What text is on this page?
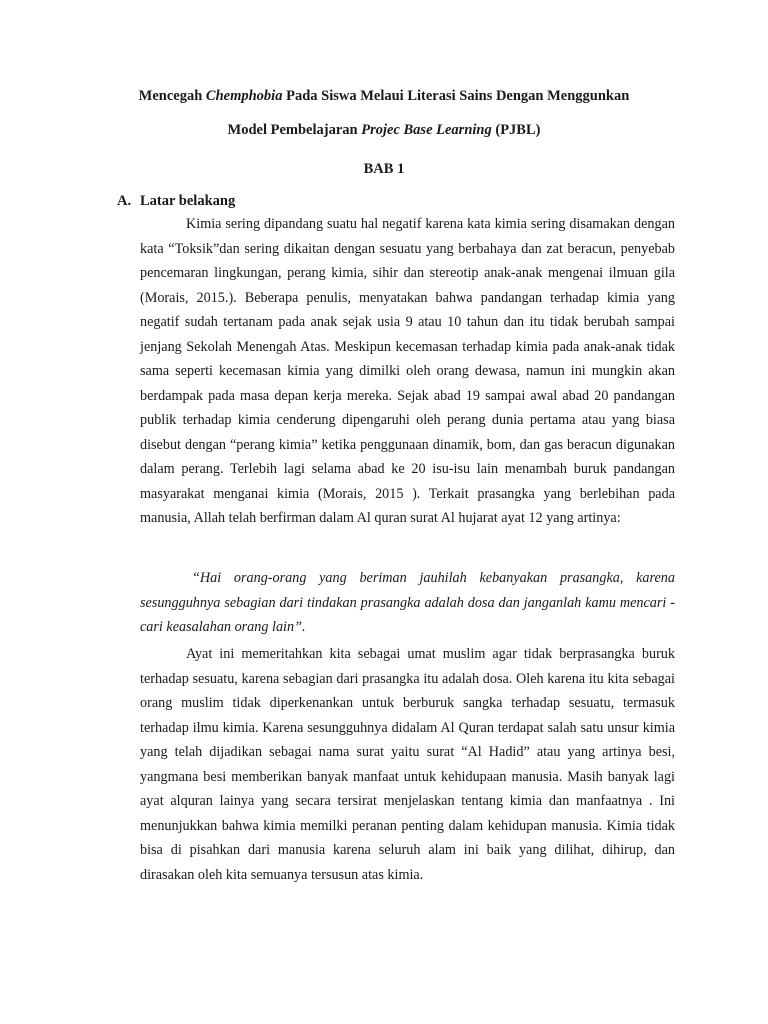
Mencegah Chemphobia Pada Siswa Melaui Literasi Sains Dengan Menggunkan
Model Pembelajaran Projec Base Learning (PJBL)
BAB 1
A. Latar belakang

Kimia sering dipandang suatu hal negatif karena kata kimia sering disamakan dengan kata “Toksik”dan sering dikaitan dengan sesuatu yang berbahaya dan zat beracun, penyebab pencemaran lingkungan, perang kimia, sihir dan stereotip anak-anak mengenai ilmuan gila (Morais, 2015.). Beberapa penulis, menyatakan bahwa pandangan terhadap kimia yang negatif sudah tertanam pada anak sejak usia 9 atau 10 tahun dan itu tidak berubah sampai jenjang Sekolah Menengah Atas. Meskipun kecemasan terhadap kimia pada anak-anak tidak sama seperti kecemasan kimia yang dimilki oleh orang dewasa, namun ini mungkin akan berdampak pada masa depan kerja mereka. Sejak abad 19 sampai awal abad 20 pandangan publik terhadap kimia cenderung dipengaruhi oleh perang dunia pertama atau yang biasa disebut dengan “perang kimia” ketika penggunaan dinamik, bom, dan gas beracun digunakan dalam perang. Terlebih lagi selama abad ke 20 isu-isu lain menambah buruk pandangan masyarakat menganai kimia (Morais, 2015 ). Terkait prasangka yang berlebihan pada manusia, Allah telah berfirman dalam Al quran surat Al hujarat ayat 12 yang artinya:

“Hai orang-orang yang beriman jauhilah kebanyakan prasangka, karena sesungguhnya sebagian dari tindakan prasangka adalah dosa dan janganlah kamu mencari - cari keasalahan orang lain”.

Ayat ini memeritahkan kita sebagai umat muslim agar tidak berprasangka buruk terhadap sesuatu, karena sebagian dari prasangka itu adalah dosa. Oleh karena itu kita sebagai orang muslim tidak diperkenankan untuk berburuk sangka terhadap sesuatu, termasuk terhadap ilmu kimia. Karena sesungguhnya didalam Al Quran terdapat salah satu unsur kimia yang telah dijadikan sebagai nama surat yaitu surat “Al Hadid” atau yang artinya besi, yangmana besi memberikan banyak manfaat untuk kehidupaan manusia. Masih banyak lagi ayat alquran lainya yang secara tersirat menjelaskan tentang kimia dan manfaatnya . Ini menunjukkan bahwa kimia memilki peranan penting dalam kehidupan manusia. Kimia tidak bisa di pisahkan dari manusia karena seluruh alam ini baik yang dilihat, dihirup, dan dirasakan oleh kita semuanya tersusun atas kimia.
